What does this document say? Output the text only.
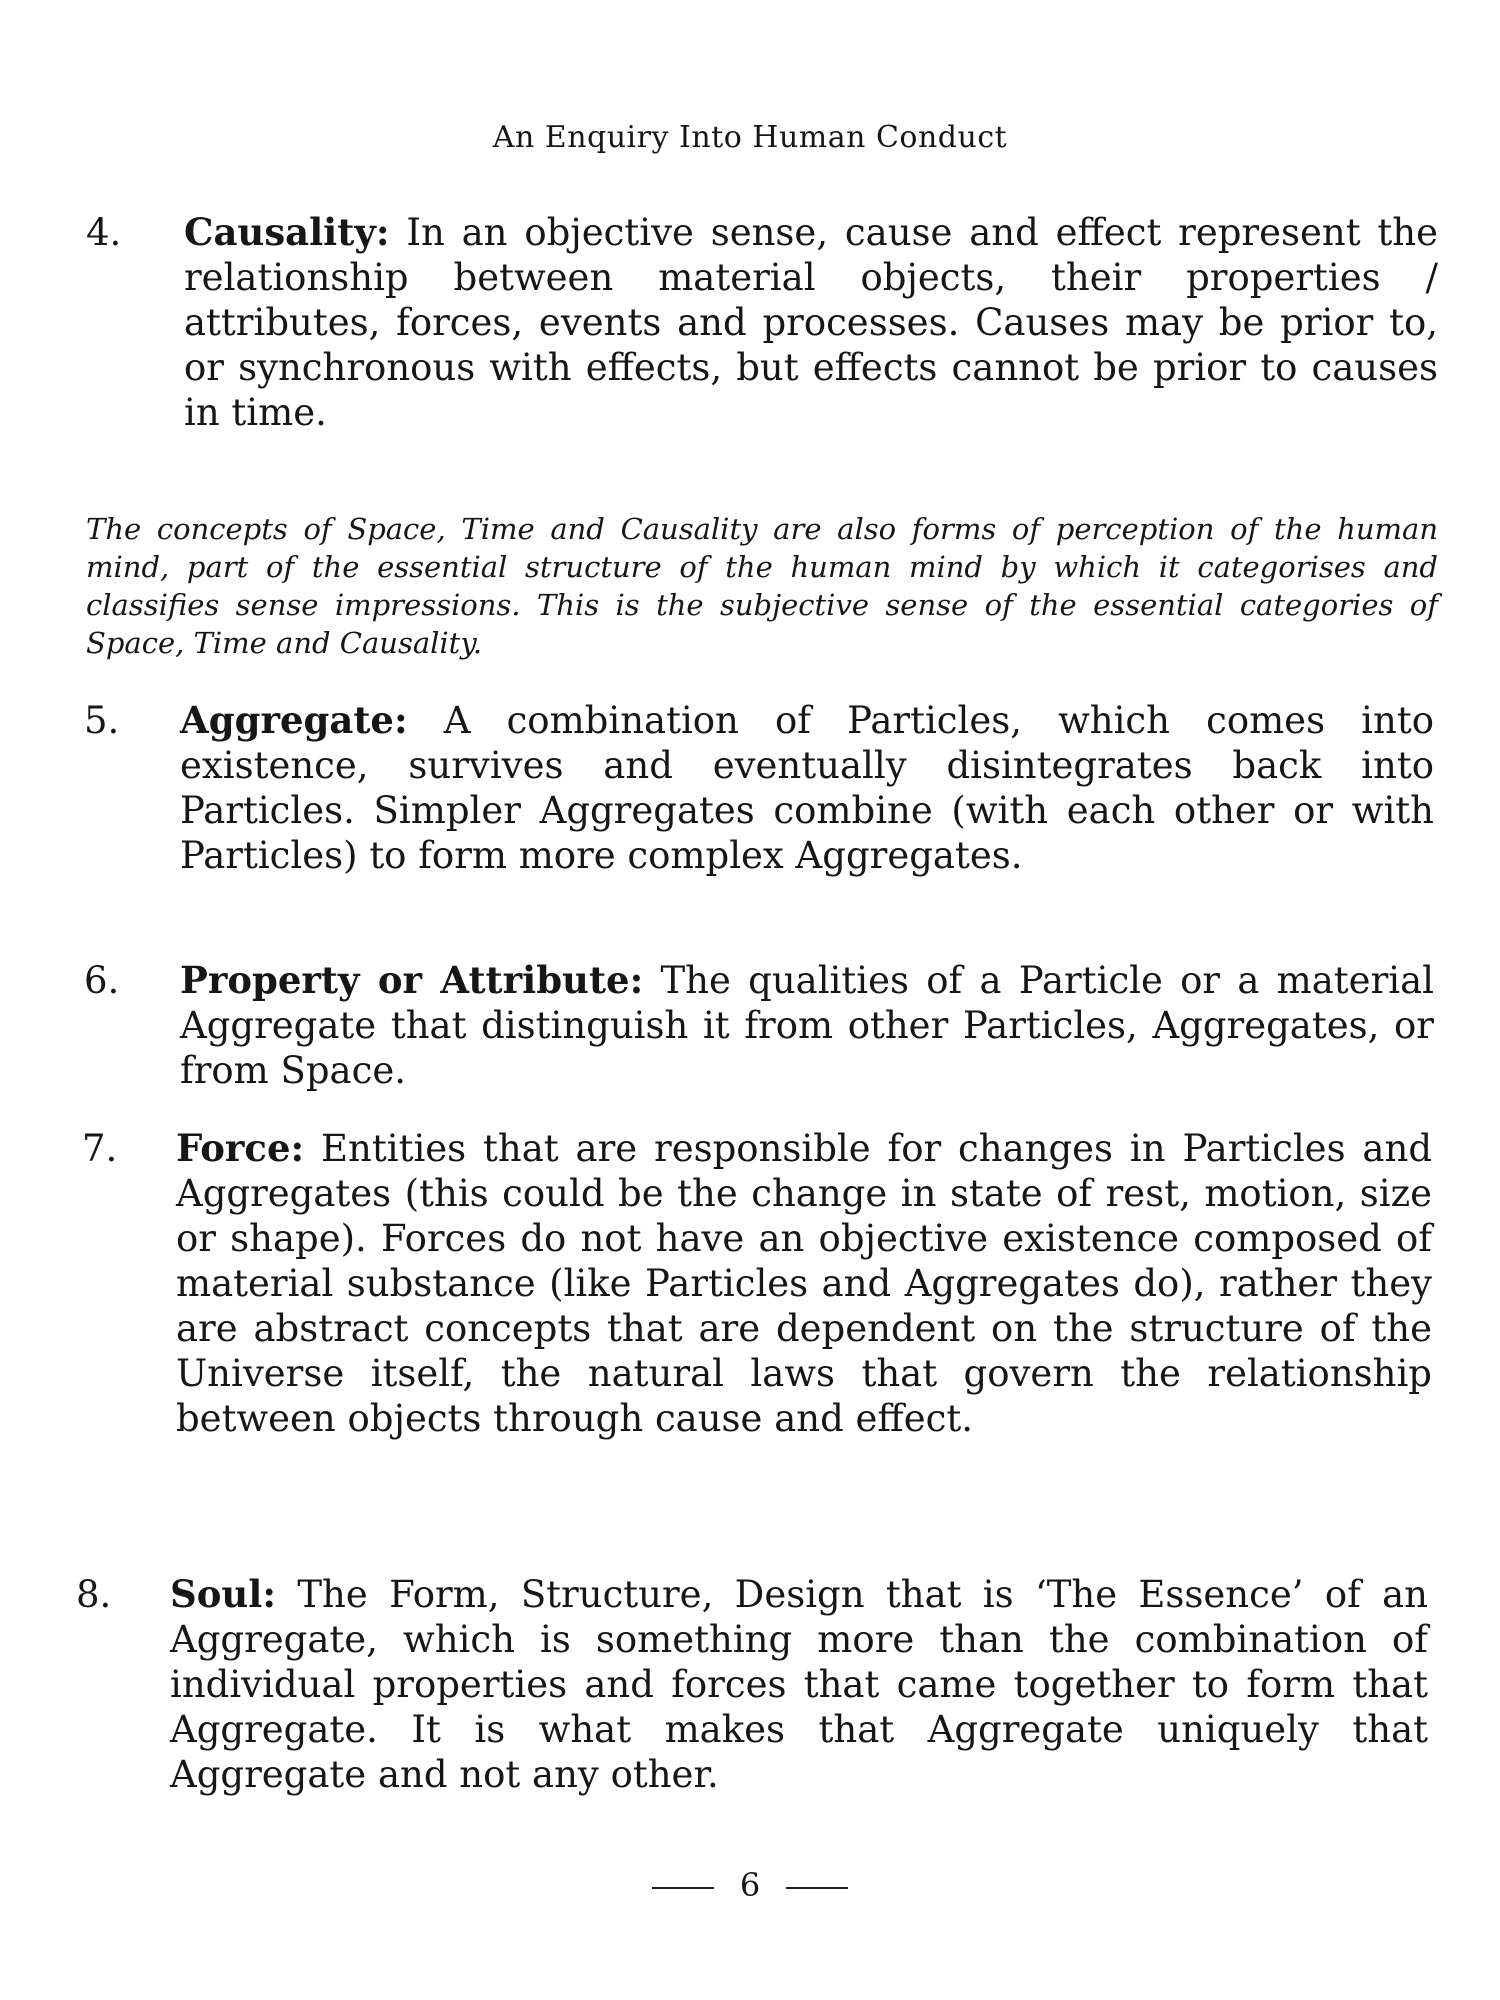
An Enquiry Into Human Conduct
4. Causality: In an objective sense, cause and effect represent the relationship between material objects, their properties / attributes, forces, events and processes. Causes may be prior to, or synchronous with effects, but effects cannot be prior to causes in time.
The concepts of Space, Time and Causality are also forms of perception of the human mind, part of the essential structure of the human mind by which it categorises and classifies sense impressions. This is the subjective sense of the essential categories of Space, Time and Causality.
5. Aggregate: A combination of Particles, which comes into existence, survives and eventually disintegrates back into Particles. Simpler Aggregates combine (with each other or with Particles) to form more complex Aggregates.
6. Property or Attribute: The qualities of a Particle or a material Aggregate that distinguish it from other Particles, Aggregates, or from Space.
7. Force: Entities that are responsible for changes in Particles and Aggregates (this could be the change in state of rest, motion, size or shape). Forces do not have an objective existence composed of material substance (like Particles and Aggregates do), rather they are abstract concepts that are dependent on the structure of the Universe itself, the natural laws that govern the relationship between objects through cause and effect.
8. Soul: The Form, Structure, Design that is ‘The Essence’ of an Aggregate, which is something more than the combination of individual properties and forces that came together to form that Aggregate. It is what makes that Aggregate uniquely that Aggregate and not any other.
6
